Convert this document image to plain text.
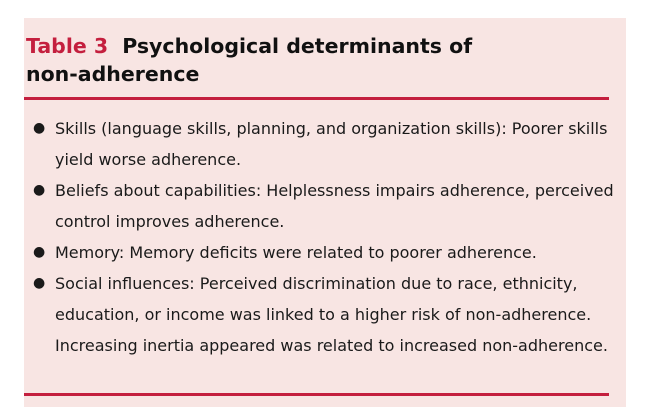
Table 3 Psychological determinants of
non-adherence
● Skills (language skills, planning, and organization skills): Poorer skills yield worse adherence.
● Beliefs about capabilities: Helplessness impairs adherence, perceived control improves adherence.
● Memory: Memory deficits were related to poorer adherence.
● Social influences: Perceived discrimination due to race, ethnicity, education, or income was linked to a higher risk of non-adherence. Increasing inertia appeared was related to increased non-adherence.
